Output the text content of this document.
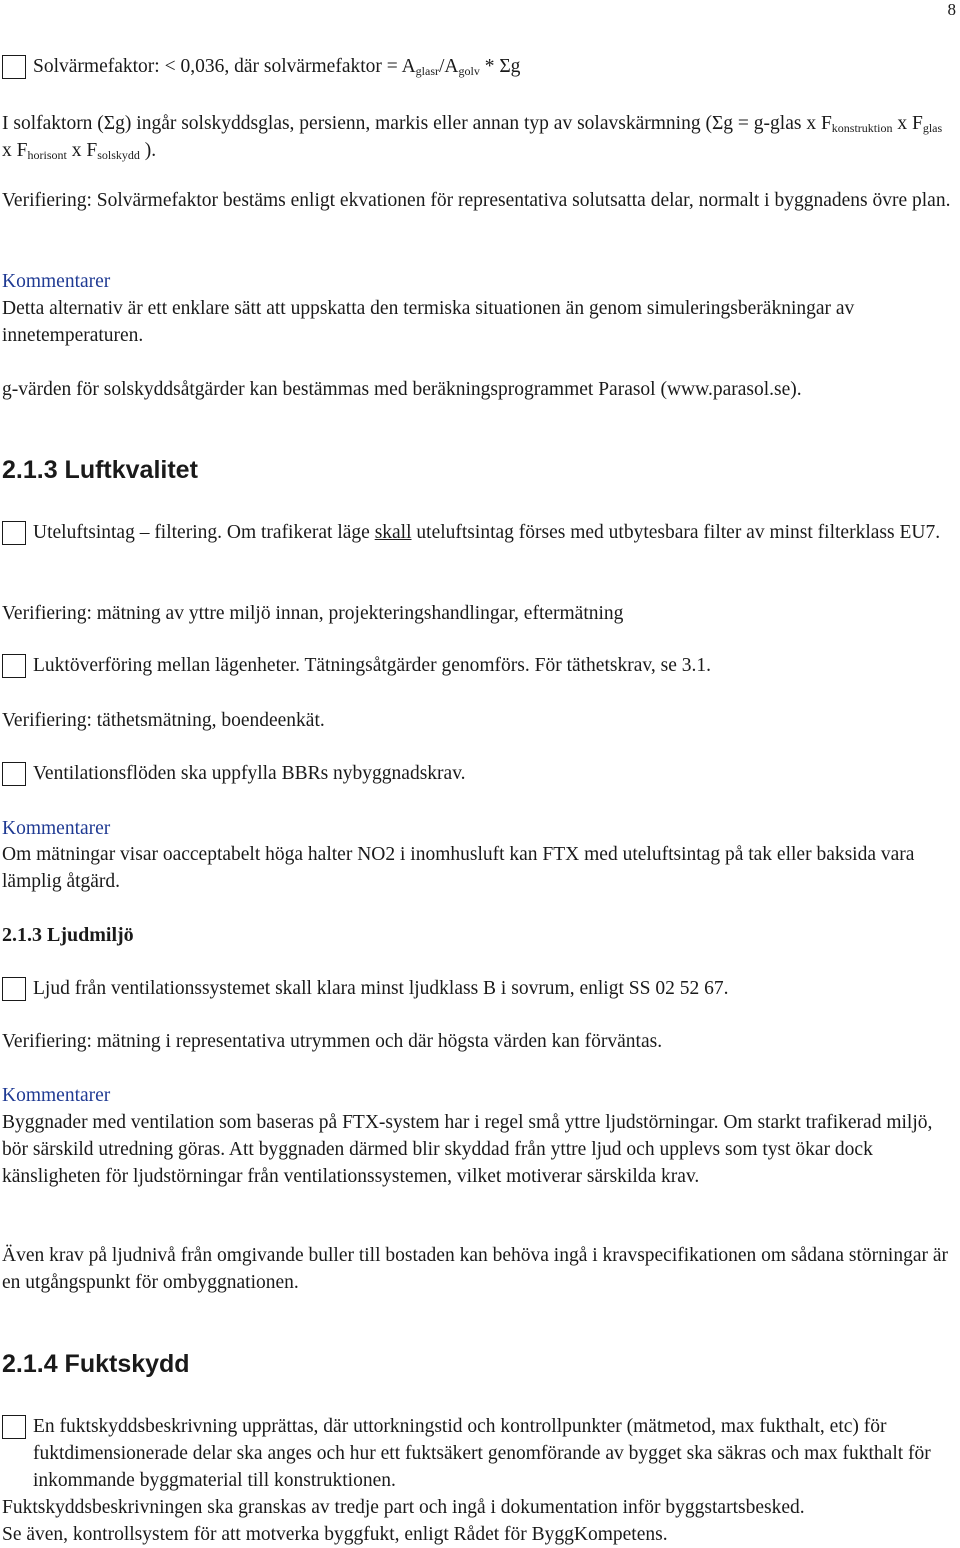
8
Solvärmefaktor: < 0,036, där solvärmefaktor = $A_{glasr}/A_{golv}$ * Σg

I solfaktorn (Σg) ingår solskyddsglas, persienn, markis eller annan typ av solavskärmning (Σg = g-glas x $F_{konstruktion}$ x $F_{glas}$ x $F_{horisont}$ x $F_{solskydd}$ ).

Verifiering: Solvärmefaktor bestäms enligt ekvationen för representativa solutsatta delar, normalt i byggnadens övre plan.

Kommentarer

Detta alternativ är ett enklare sätt att uppskatta den termiska situationen än genom simuleringsberäkningar av innetemperaturen.

g-värden för solskyddsåtgärder kan bestämmas med beräkningsprogrammet Parasol (www.parasol.se).

2.1.3 Luftkvalitet
Uteluftsintag – filtering. Om trafikerat läge skall uteluftsintag förses med utbytesbara filter av minst filterklass EU7.

Verifiering: mätning av yttre miljö innan, projekteringshandlingar, eftermätning

Luktöverföring mellan lägenheter. Tätningsåtgärder genomförs. För täthetskrav, se 3.1.

Verifiering: täthetsmätning, boendeenkät.

Ventilationsflöden ska uppfylla BBRs nybyggnadskrav.

Kommentarer

Om mätningar visar oacceptabelt höga halter NO2 i inomhusluft kan FTX med uteluftsintag på tak eller baksida vara lämplig åtgärd.

2.1.3 Ljudmiljö
Ljud från ventilationssystemet skall klara minst ljudklass B i sovrum, enligt SS 02 52 67.

Verifiering: mätning i representativa utrymmen och där högsta värden kan förväntas.

Kommentarer

Byggnader med ventilation som baseras på FTX-system har i regel små yttre ljudstörningar. Om starkt trafikerad miljö, bör särskild utredning göras. Att byggnaden därmed blir skyddad från yttre ljud och upplevs som tyst ökar dock känsligheten för ljudstörningar från ventilationssystemen, vilket motiverar särskilda krav.

Även krav på ljudnivå från omgivande buller till bostaden kan behöva ingå i kravspecifikationen om sådana störningar är en utgångspunkt för ombyggnationen.

2.1.4 Fuktskydd
En fuktskyddsbeskrivning upprättas, där uttorkningstid och kontrollpunkter (mätmetod, max fukthalt, etc) för fuktdimensionerade delar ska anges och hur ett fuktsäkert genomförande av bygget ska säkras och max fukthalt för inkommande byggmaterial till konstruktionen.

Fuktskyddsbeskrivningen ska granskas av tredje part och ingå i dokumentation inför byggstartsbesked.

Se även, kontrollsystem för att motverka byggfukt, enligt Rådet för ByggKompetens.
